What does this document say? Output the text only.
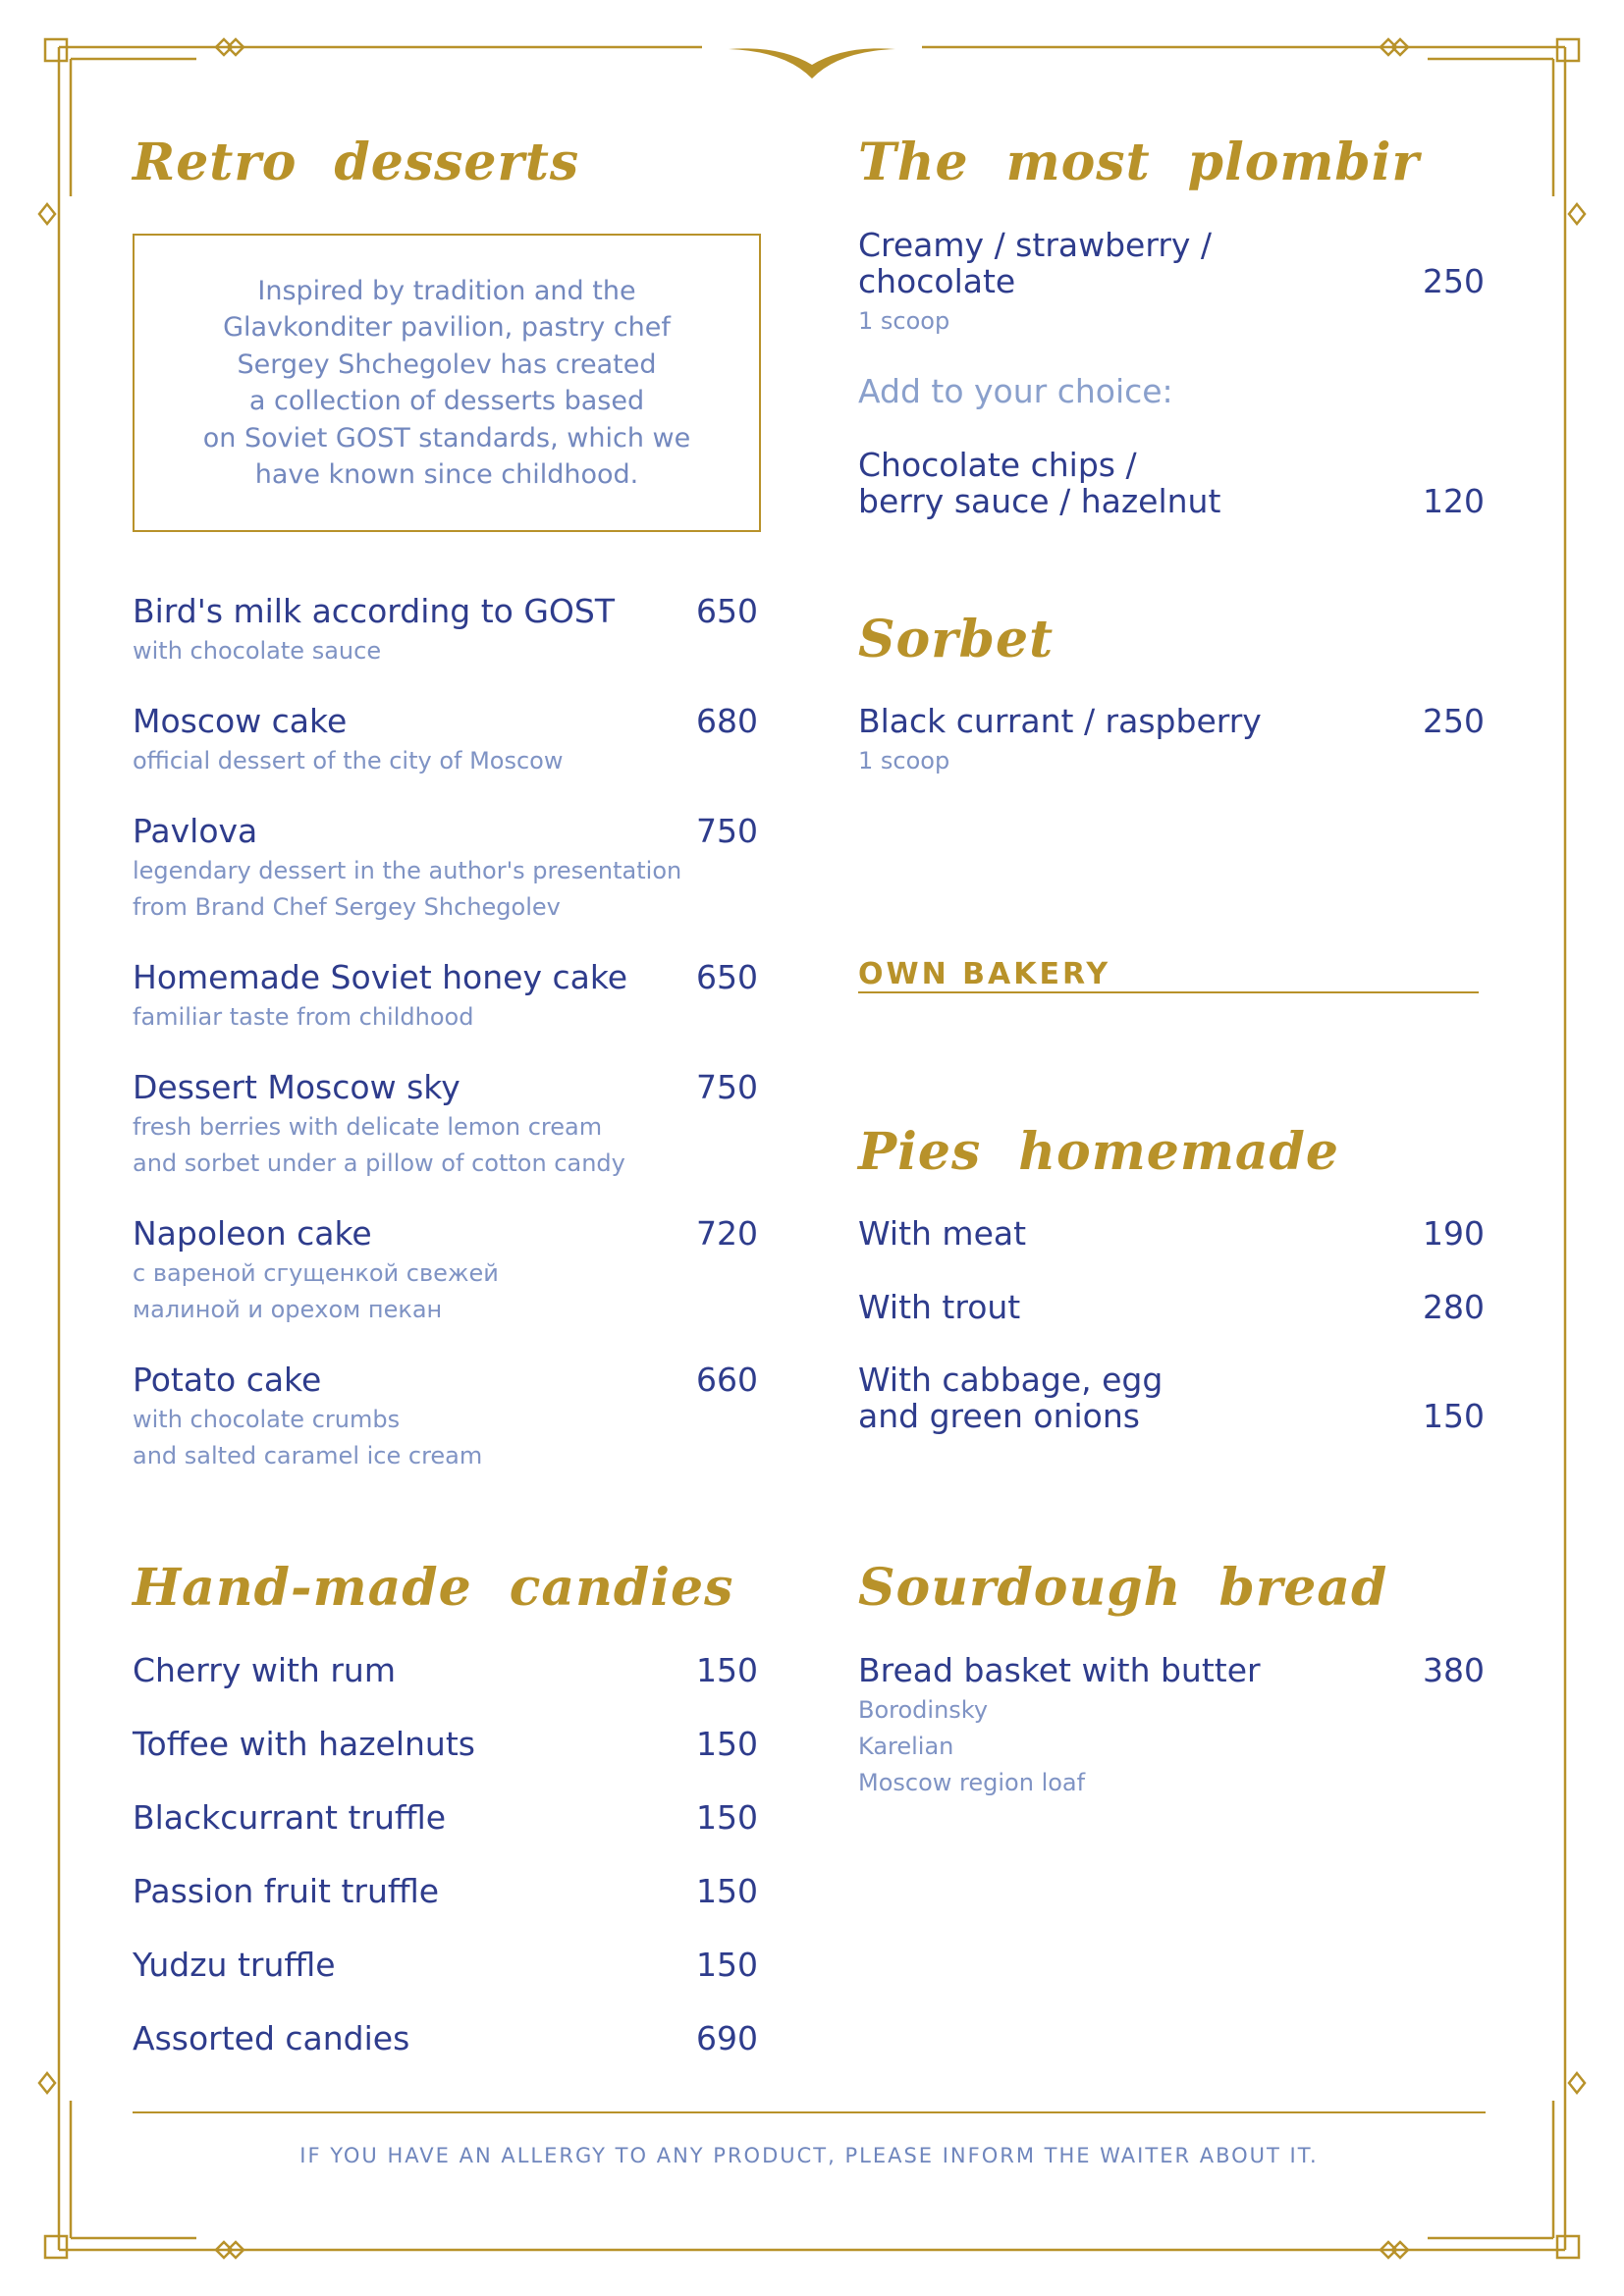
Retro desserts
Inspired by tradition and the
Glavkonditer pavilion, pastry chef
Sergey Shchegolev has created
a collection of desserts based
on Soviet GOST standards, which we
have known since childhood.
Bird's milk according to GOST	650
with chocolate sauce
Moscow cake	680
official dessert of the city of Moscow
Pavlova	750
legendary dessert in the author's presentation
from Brand Chef Sergey Shchegolev
Homemade Soviet honey cake	650
familiar taste from childhood
Dessert Moscow sky	750
fresh berries with delicate lemon cream
and sorbet under a pillow of cotton candy
Napoleon cake	720
с вареной сгущенкой свежей
малиной и орехом пекан
Potato cake	660
with chocolate crumbs
and salted caramel ice cream
Hand-made candies
Cherry with rum	150
Toffee with hazelnuts	150
Blackcurrant truffle	150
Passion fruit truffle	150
Yudzu truffle	150
Assorted candies	690
The most plombir
Creamy / strawberry /
chocolate	250
1 scoop
Add to your choice:
Chocolate chips /
berry sauce / hazelnut	120
Sorbet
Black currant / raspberry	250
1 scoop
OWN BAKERY
Pies homemade
With meat	190
With trout	280
With cabbage, egg
and green onions	150
Sourdough bread
Bread basket with butter	380
Borodinsky
Karelian
Moscow region loaf
IF YOU HAVE AN ALLERGY TO ANY PRODUCT, PLEASE INFORM THE WAITER ABOUT IT.
